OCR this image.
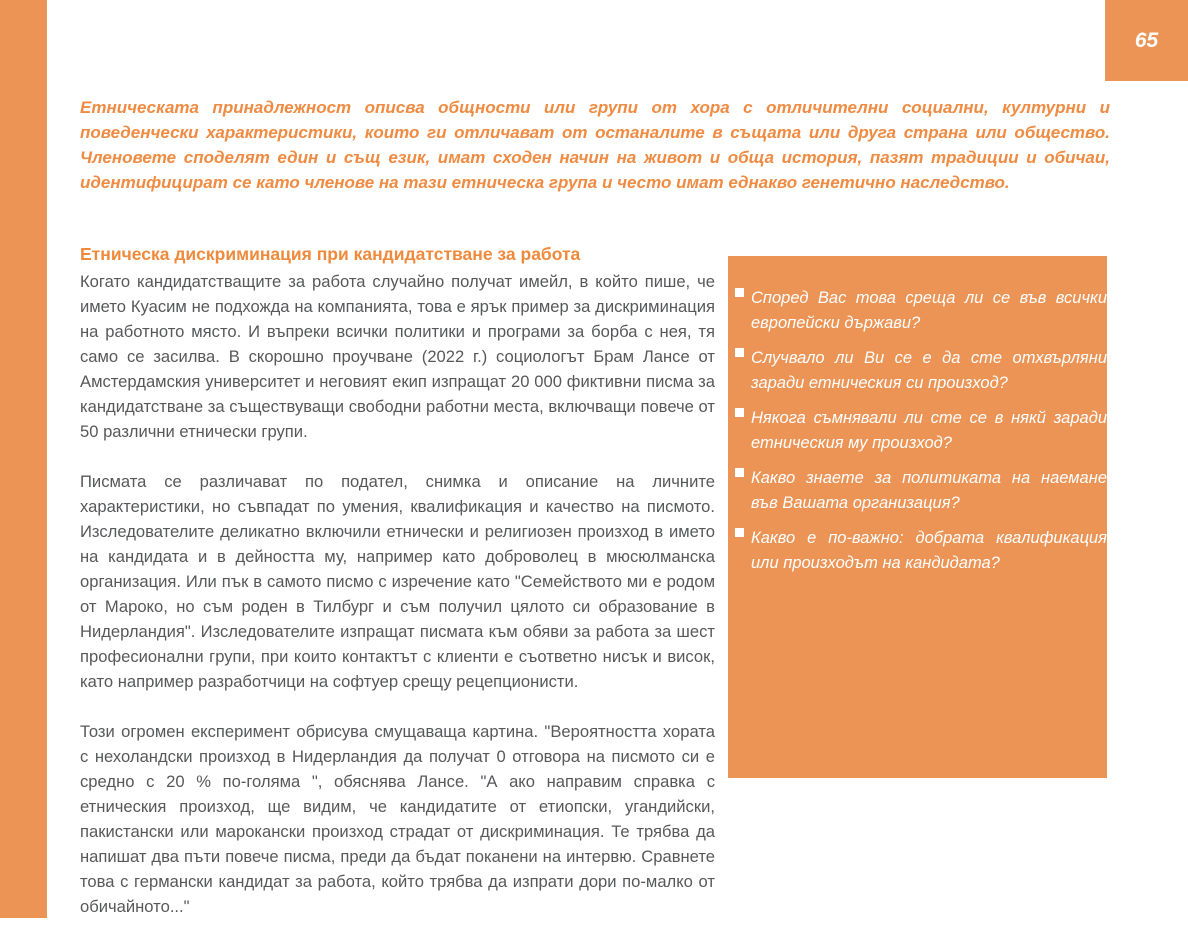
65

Етническата принадлежност описва общности или групи от хора с отличителни социални, културни и поведенчески характеристики, които ги отличават от останалите в същата или друга страна или общество. Членовете споделят един и същ език, имат сходен начин на живот и обща история, пазят традиции и обичаи, идентифицират се като членове на тази етническа група и често имат еднакво генетично наследство.

Етническа дискриминация при кандидатстване за работа

Когато кандидатстващите за работа случайно получат имейл, в който пише, че името Куасим не подхожда на компанията, това е ярък пример за дискриминация на работното място. И въпреки всички политики и програми за борба с нея, тя само се засилва. В скорошно проучване (2022 г.) социологът Брам Лансе от Амстердамския университет и неговият екип изпращат 20 000 фиктивни писма за кандидатстване за съществуващи свободни работни места, включващи повече от 50 различни етнически групи.

Писмата се различават по подател, снимка и описание на личните характеристики, но съвпадат по умения, квалификация и качество на писмото. Изследователите деликатно включили етнически и религиозен произход в името на кандидата и в дейността му, например като доброволец в мюсюлманска организация. Или пък в самото писмо с изречение като "Семейството ми е родом от Мароко, но съм роден в Тилбург и съм получил цялото си образование в Нидерландия". Изследователите изпращат писмата към обяви за работа за шест професионални групи, при които контактът с клиенти е съответно нисък и висок, като например разработчици на софтуер срещу рецепционисти.

Този огромен експеримент обрисува смущаваща картина. "Вероятността хората с нехоландски произход в Нидерландия да получат 0 отговора на писмото си е средно с 20 % по-голяма ", обяснява Лансе. "А ако направим справка с етническия произход, ще видим, че кандидатите от етиопски, угандийски, пакистански или марокански произход страдат от дискриминация. Те трябва да напишат два пъти повече писма, преди да бъдат поканени на интервю. Сравнете това с германски кандидат за работа, който трябва да изпрати дори по-малко от обичайното..."

Според Вас това среща ли се във всички европейски държави?

Случвало ли Ви се е да сте отхвърляни заради етническия си произход?

Някога съмнявали ли сте се в някй заради етническия му произход?

Какво знаете за политиката на наемане във Вашата организация?

Какво е по-важно: добрата квалификация или произходът на кандидата?
